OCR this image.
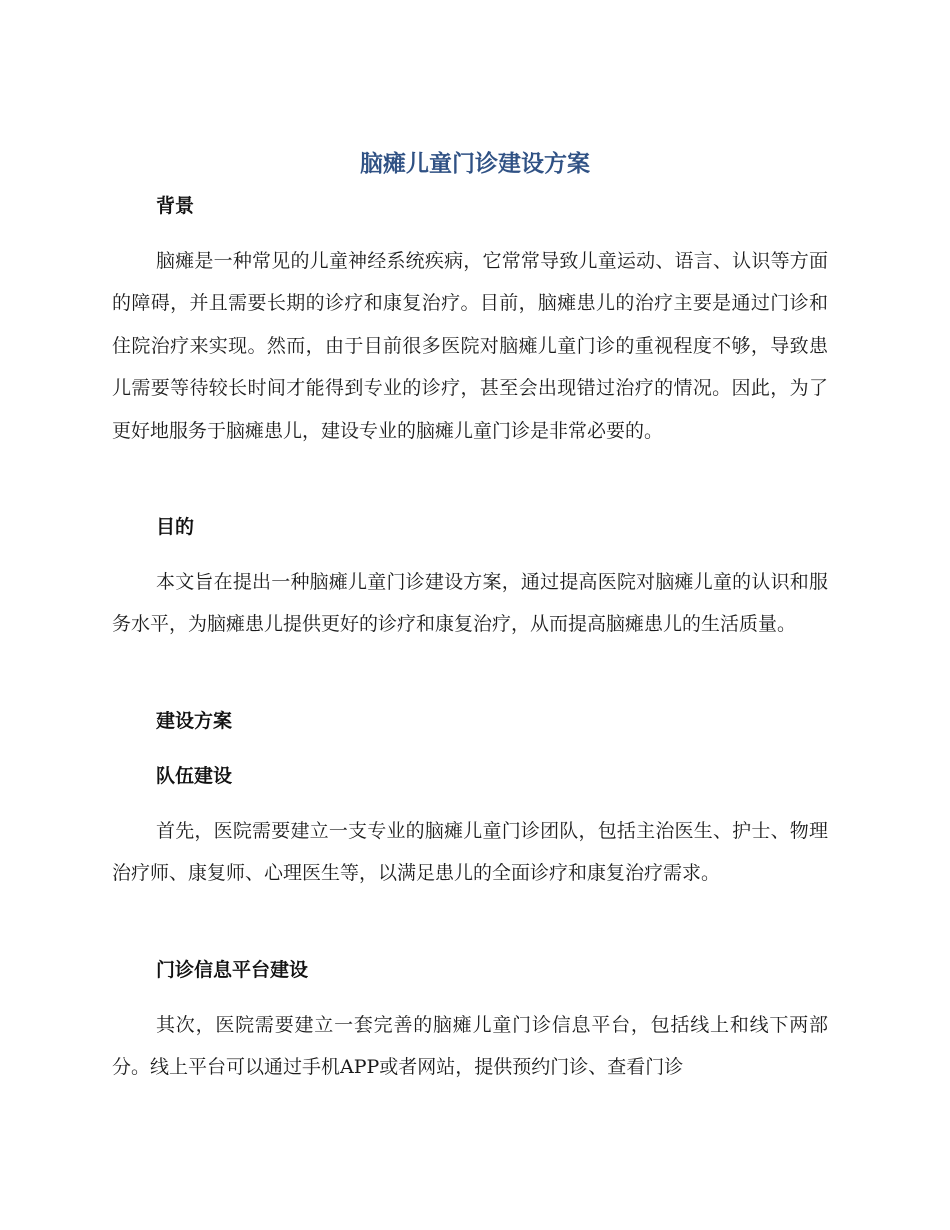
脑瘫儿童门诊建设方案
背景

脑瘫是一种常见的儿童神经系统疾病，它常常导致儿童运动、语言、认识等方面的障碍，并且需要长期的诊疗和康复治疗。目前，脑瘫患儿的治疗主要是通过门诊和住院治疗来实现。然而，由于目前很多医院对脑瘫儿童门诊的重视程度不够，导致患儿需要等待较长时间才能得到专业的诊疗，甚至会出现错过治疗的情况。因此，为了更好地服务于脑瘫患儿，建设专业的脑瘫儿童门诊是非常必要的。

目的

本文旨在提出一种脑瘫儿童门诊建设方案，通过提高医院对脑瘫儿童的认识和服务水平，为脑瘫患儿提供更好的诊疗和康复治疗，从而提高脑瘫患儿的生活质量。

建设方案
队伍建设

首先，医院需要建立一支专业的脑瘫儿童门诊团队，包括主治医生、护士、物理治疗师、康复师、心理医生等，以满足患儿的全面诊疗和康复治疗需求。

门诊信息平台建设

其次，医院需要建立一套完善的脑瘫儿童门诊信息平台，包括线上和线下两部分。线上平台可以通过手机APP或者网站，提供预约门诊、查看门诊
